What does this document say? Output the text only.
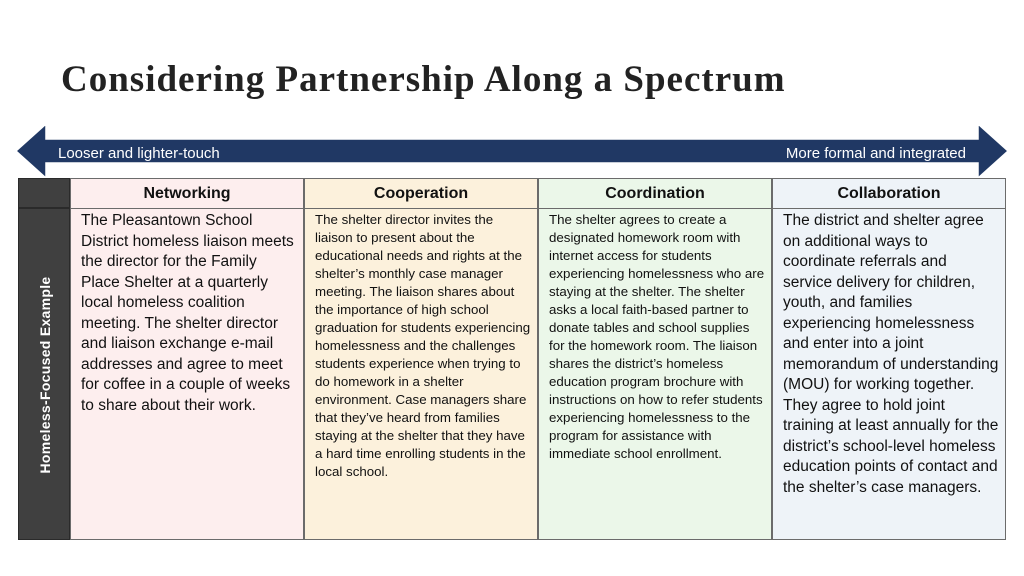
Considering Partnership Along a Spectrum
Looser and lighter-touch	More formal and integrated
Homeless-Focused Example
Networking
The Pleasantown School District homeless liaison meets the director for the Family Place Shelter at a quarterly local homeless coalition meeting. The shelter director and liaison exchange e-mail addresses and agree to meet for coffee in a couple of weeks to share about their work.
Cooperation
The shelter director invites the liaison to present about the educational needs and rights at the shelter’s monthly case manager meeting. The liaison shares about the importance of high school graduation for students experiencing homelessness and the challenges students experience when trying to do homework in a shelter environment. Case managers share that they’ve heard from families staying at the shelter that they have a hard time enrolling students in the local school.
Coordination
The shelter agrees to create a designated homework room with internet access for students experiencing homelessness who are staying at the shelter. The shelter asks a local faith-based partner to donate tables and school supplies for the homework room. The liaison shares the district’s homeless education program brochure with instructions on how to refer students experiencing homelessness to the program for assistance with immediate school enrollment.
Collaboration
The district and shelter agree on additional ways to coordinate referrals and service delivery for children, youth, and families experiencing homelessness and enter into a joint memorandum of understanding (MOU) for working together. They agree to hold joint training at least annually for the district’s school-level homeless education points of contact and the shelter’s case managers.
